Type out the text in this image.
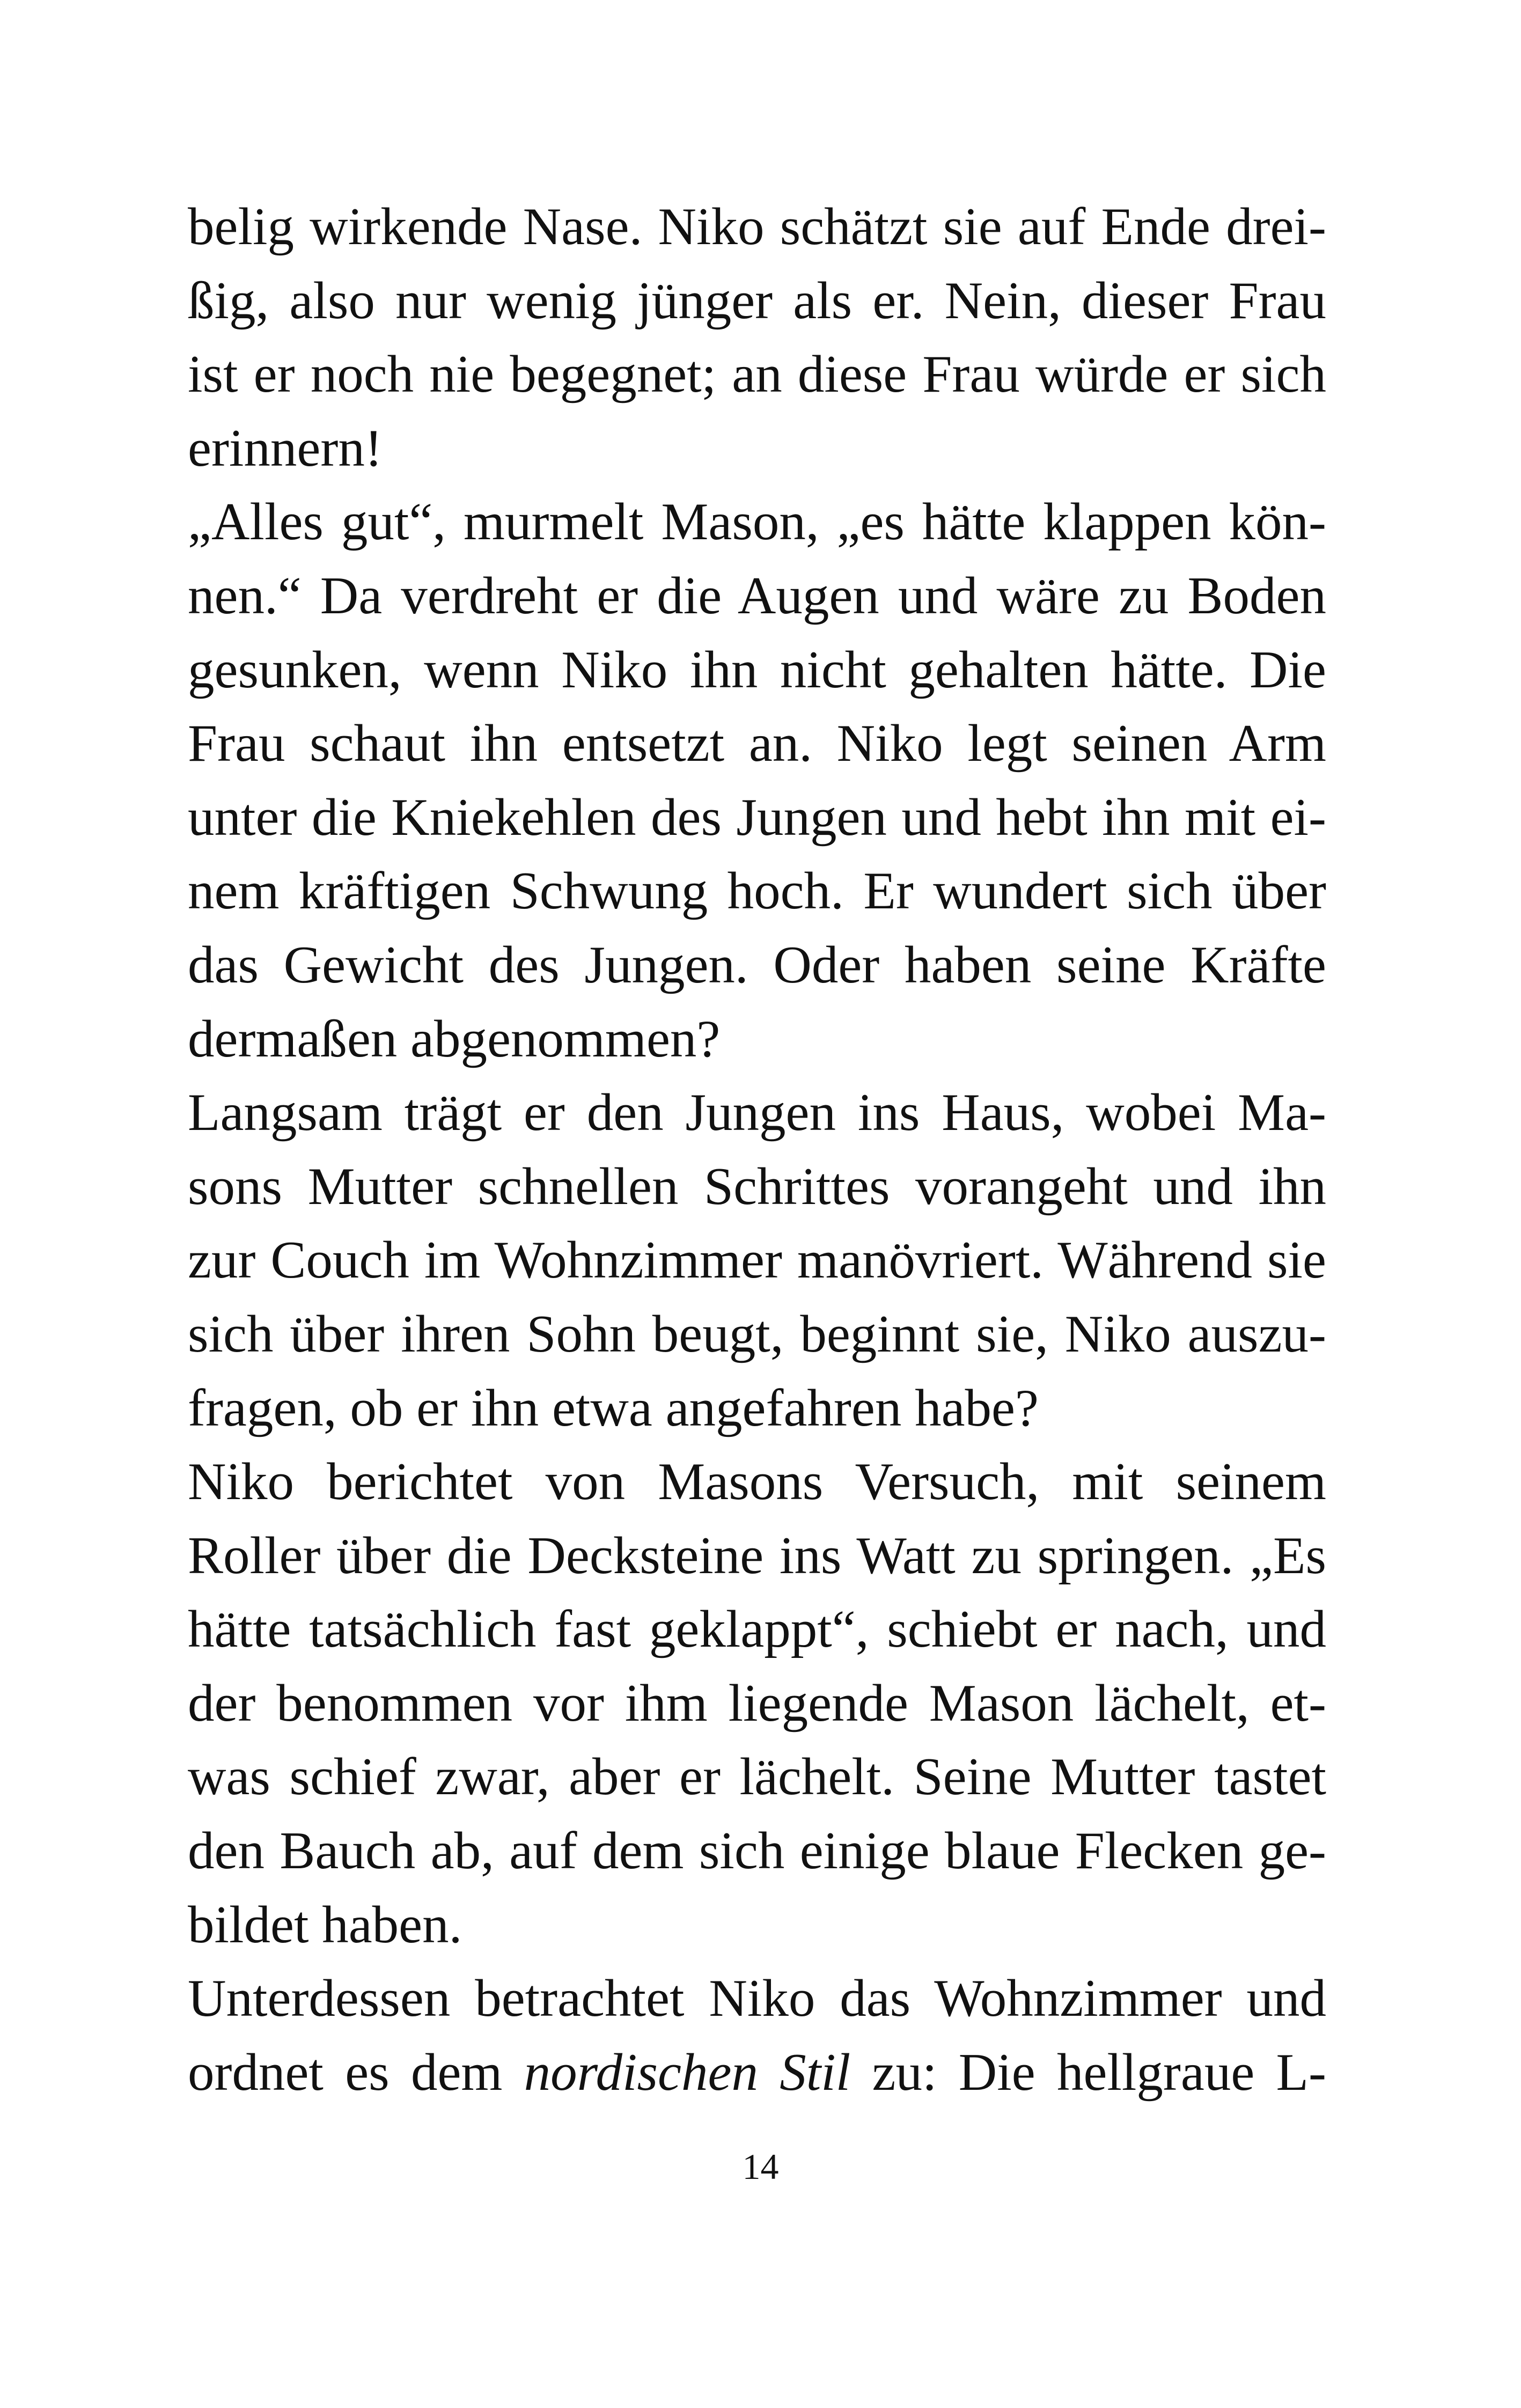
belig wirkende Nase. Niko schätzt sie auf Ende drei-
ßig, also nur wenig jünger als er. Nein, dieser Frau
ist er noch nie begegnet; an diese Frau würde er sich
erinnern!
„Alles gut“, murmelt Mason, „es hätte klappen kön-
nen.“ Da verdreht er die Augen und wäre zu Boden
gesunken, wenn Niko ihn nicht gehalten hätte. Die
Frau schaut ihn entsetzt an. Niko legt seinen Arm
unter die Kniekehlen des Jungen und hebt ihn mit ei-
nem kräftigen Schwung hoch. Er wundert sich über
das Gewicht des Jungen. Oder haben seine Kräfte
dermaßen abgenommen?
Langsam trägt er den Jungen ins Haus, wobei Ma-
sons Mutter schnellen Schrittes vorangeht und ihn
zur Couch im Wohnzimmer manövriert. Während sie
sich über ihren Sohn beugt, beginnt sie, Niko auszu-
fragen, ob er ihn etwa angefahren habe?
Niko berichtet von Masons Versuch, mit seinem
Roller über die Decksteine ins Watt zu springen. „Es
hätte tatsächlich fast geklappt“, schiebt er nach, und
der benommen vor ihm liegende Mason lächelt, et-
was schief zwar, aber er lächelt. Seine Mutter tastet
den Bauch ab, auf dem sich einige blaue Flecken ge-
bildet haben.
Unterdessen betrachtet Niko das Wohnzimmer und
ordnet es dem nordischen Stil zu: Die hellgraue L-
14
